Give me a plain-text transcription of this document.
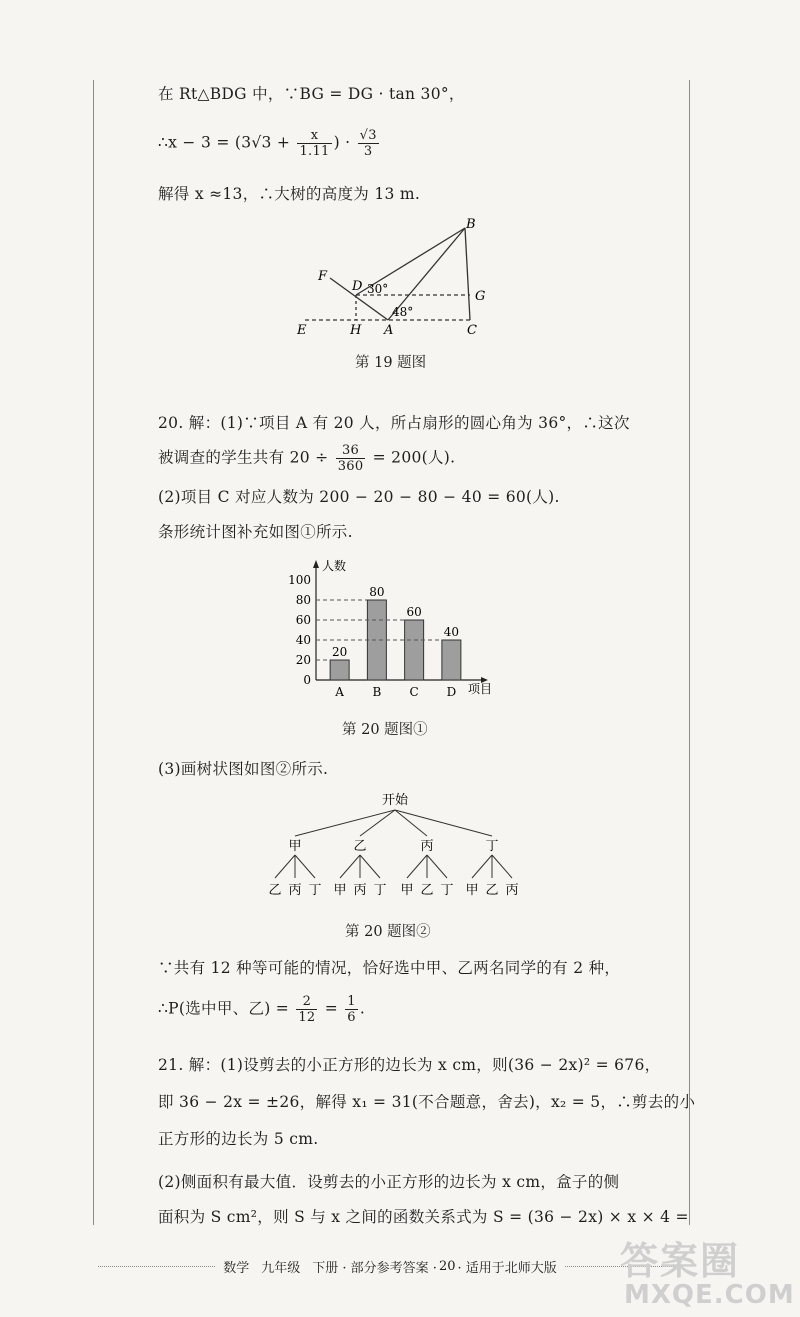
在 Rt△BDG 中，∵BG = DG · tan 30°，
∴x − $3 = (3√3 + \frac{x}{1.11}$ ) · $\frac{√3}{3}$
解得 x ≈13，∴大树的高度为 13 m.
B
F
D
G
E	H A	C
30°
48°
第 19 题图
20. 解：(1)∵项目 A 有 20 人，所占扇形的圆心角为 36°，∴这次
被调查的学生共有 $20 \div \frac{36}{360} = 200$(人).
(2)项目 C 对应人数为 200 − 20 − 80 − 40 = 60(人).
条形统计图补充如图①所示.
0
20
40
60
80
100
20
A
80
B
60
C
40
D
人数
项目
第 20 题图①
(3)画树状图如图②所示.
开始
甲
乙 丙 丁
乙
甲 丙 丁
丙
甲 乙 丁
丁
甲 乙 丙
第 20 题图②
∵共有 12 种等可能的情况，恰好选中甲、乙两名同学的有 2 种，
∴P(选中甲、乙) = $\frac{2}{12} = \frac{1}{6}$ .
21. 解：(1)设剪去的小正方形的边长为 x cm，则(36 − 2x)² = 676，
即 36 − 2x = ±26，解得 x₁ = 31(不合题意，舍去)，x₂ = 5，∴剪去的小
正方形的边长为 5 cm.
(2)侧面积有最大值．设剪去的小正方形的边长为 x cm，盒子的侧
面积为 S cm²，则 S 与 x 之间的函数关系式为 S = (36 − 2x) × x × 4 =
数学 九年级 下册 · 部分参考答案 · 20 · 适用于北师大版 答案圈
MXQE.COM
